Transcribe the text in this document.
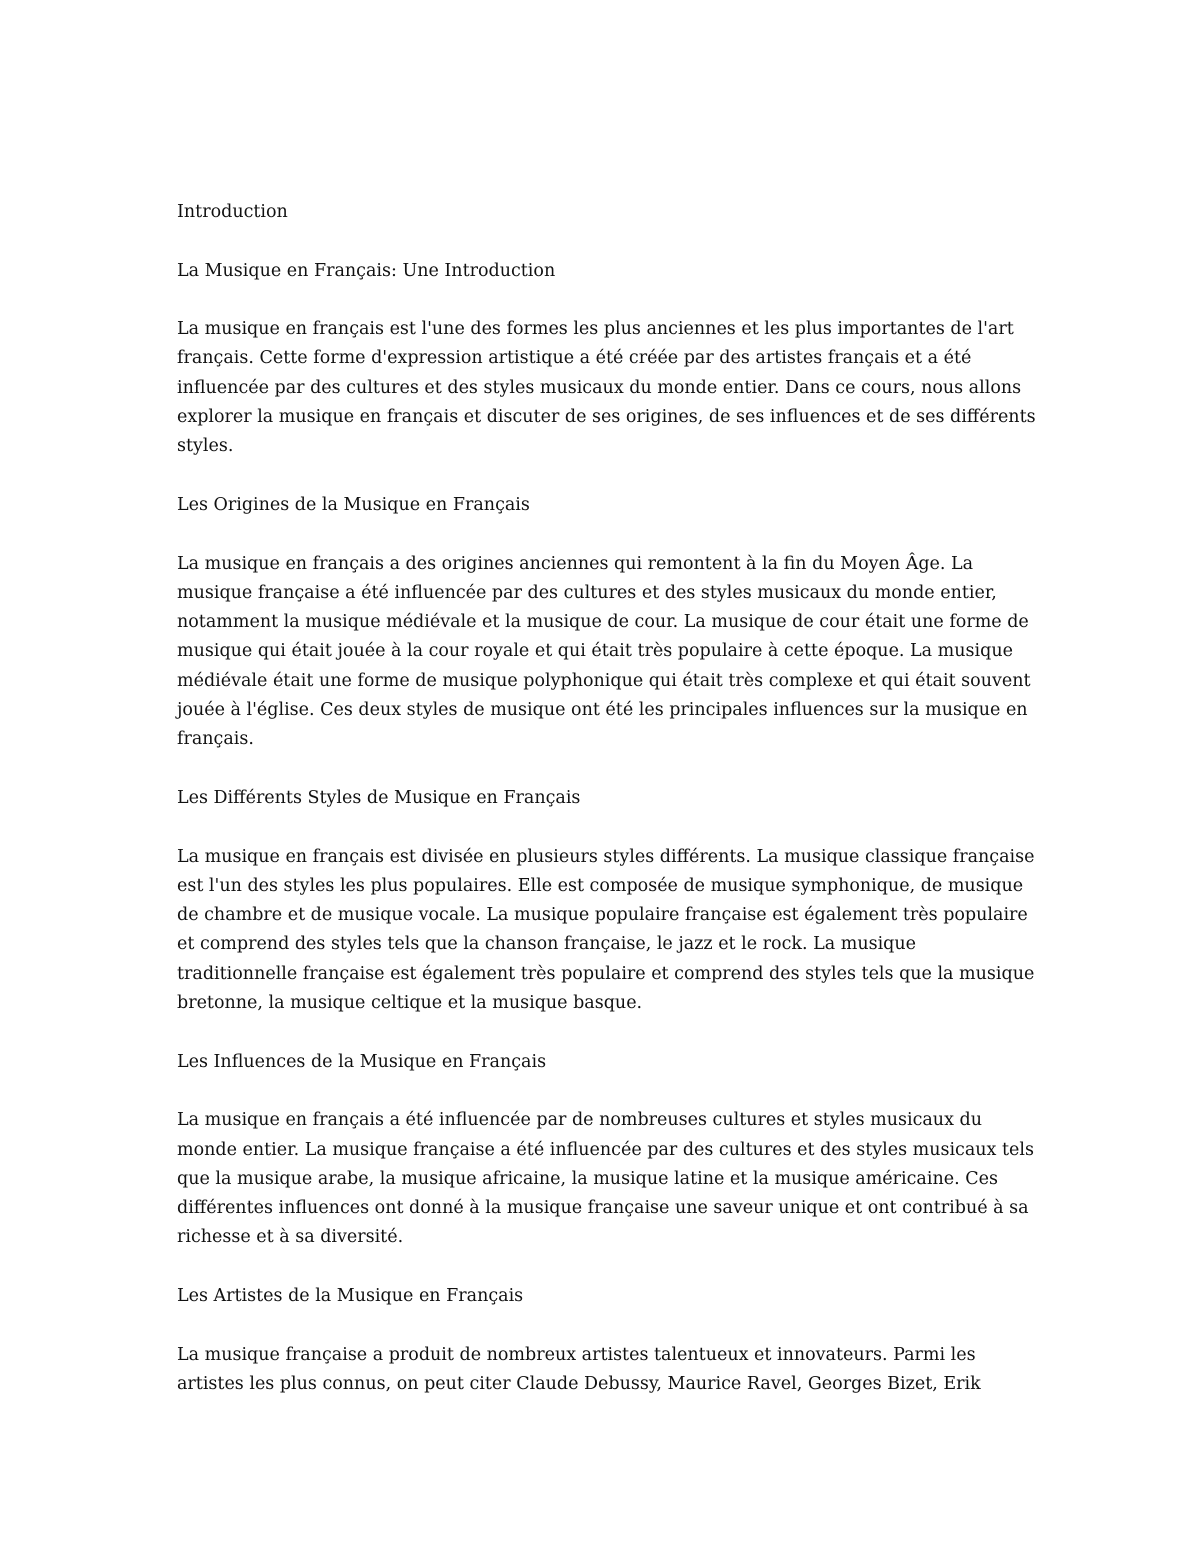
Introduction

La Musique en Français: Une Introduction

La musique en français est l'une des formes les plus anciennes et les plus importantes de l'art français. Cette forme d'expression artistique a été créée par des artistes français et a été influencée par des cultures et des styles musicaux du monde entier. Dans ce cours, nous allons explorer la musique en français et discuter de ses origines, de ses influences et de ses différents styles.

Les Origines de la Musique en Français

La musique en français a des origines anciennes qui remontent à la fin du Moyen Âge. La musique française a été influencée par des cultures et des styles musicaux du monde entier, notamment la musique médiévale et la musique de cour. La musique de cour était une forme de musique qui était jouée à la cour royale et qui était très populaire à cette époque. La musique médiévale était une forme de musique polyphonique qui était très complexe et qui était souvent jouée à l'église. Ces deux styles de musique ont été les principales influences sur la musique en français.

Les Différents Styles de Musique en Français

La musique en français est divisée en plusieurs styles différents. La musique classique française est l'un des styles les plus populaires. Elle est composée de musique symphonique, de musique de chambre et de musique vocale. La musique populaire française est également très populaire et comprend des styles tels que la chanson française, le jazz et le rock. La musique traditionnelle française est également très populaire et comprend des styles tels que la musique bretonne, la musique celtique et la musique basque.

Les Influences de la Musique en Français

La musique en français a été influencée par de nombreuses cultures et styles musicaux du monde entier. La musique française a été influencée par des cultures et des styles musicaux tels que la musique arabe, la musique africaine, la musique latine et la musique américaine. Ces différentes influences ont donné à la musique française une saveur unique et ont contribué à sa richesse et à sa diversité.

Les Artistes de la Musique en Français

La musique française a produit de nombreux artistes talentueux et innovateurs. Parmi les artistes les plus connus, on peut citer Claude Debussy, Maurice Ravel, Georges Bizet, Erik
